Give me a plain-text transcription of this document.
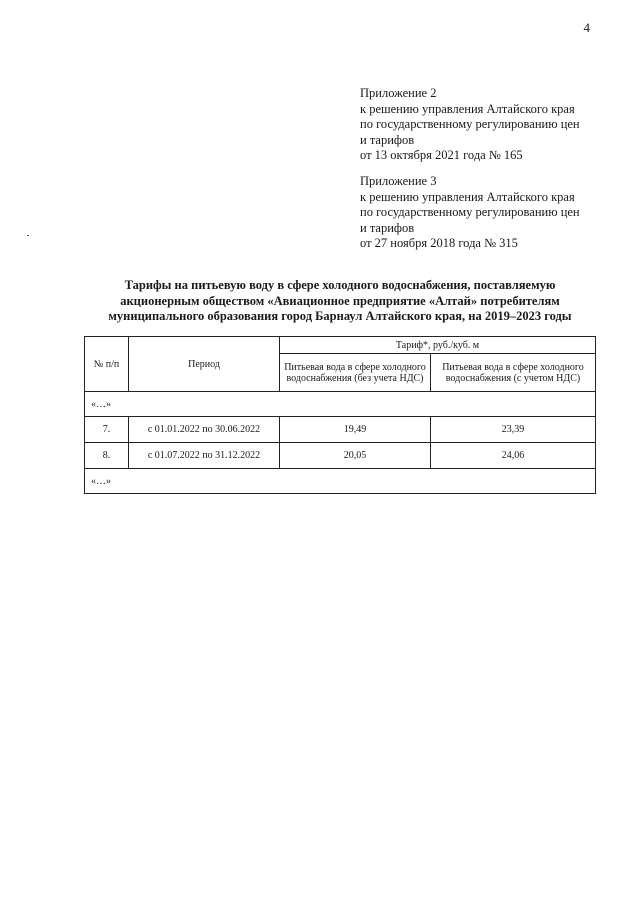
4
Приложение 2
к решению управления Алтайского края
по государственному регулированию цен
и тарифов
от 13 октября 2021 года № 165
Приложение 3
к решению управления Алтайского края
по государственному регулированию цен
и тарифов
от 27 ноября 2018 года № 315
Тарифы на питьевую воду в сфере холодного водоснабжения, поставляемую
акционерным обществом «Авиационное предприятие «Алтай» потребителям
муниципального образования город Барнаул Алтайского края, на 2019–2023 годы
№ п/п	Период	Тариф*, руб./куб. м	
		Питьевая вода в сфере холодного водоснабжения (без учета НДС)	Питьевая вода в сфере холодного водоснабжения (с учетом НДС)
«…»			
7.	с 01.01.2022 по 30.06.2022	19,49	23,39
8.	с 01.07.2022 по 31.12.2022	20,05	24,06
«…»			
